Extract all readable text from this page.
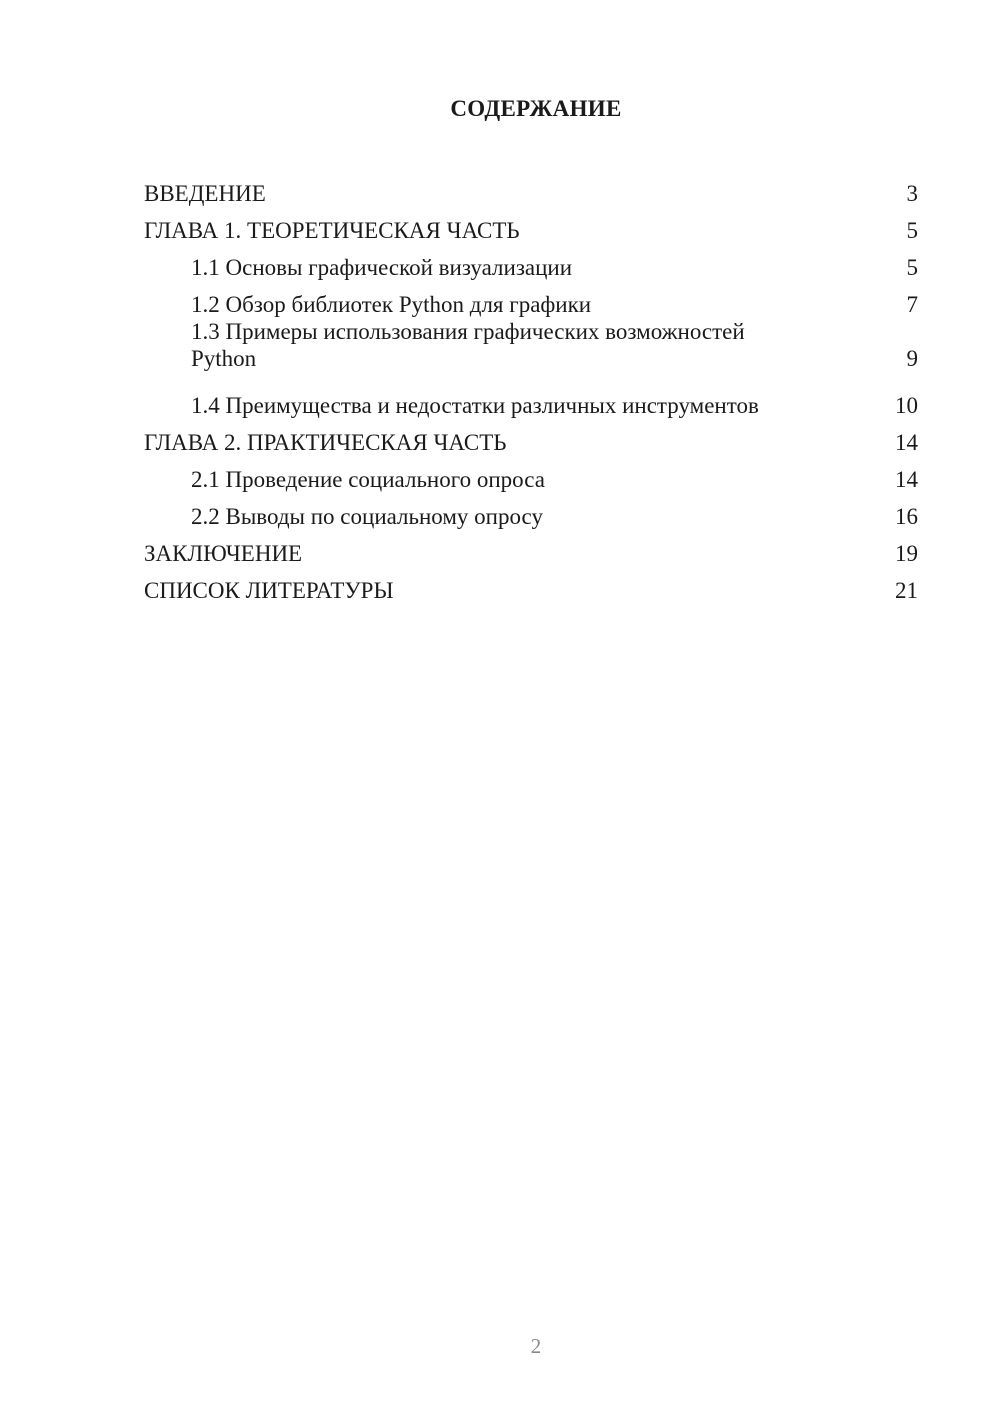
СОДЕРЖАНИЕ
ВВЕДЕНИЕ	3
ГЛАВА 1. ТЕОРЕТИЧЕСКАЯ ЧАСТЬ	5
1.1 Основы графической визуализации	5
1.2 Обзор библиотек Python для графики	7
1.3 Примеры использования графических возможностей Python	9
1.4 Преимущества и недостатки различных инструментов	10
ГЛАВА 2. ПРАКТИЧЕСКАЯ ЧАСТЬ	14
2.1 Проведение социального опроса	14
2.2 Выводы по социальному опросу	16
ЗАКЛЮЧЕНИЕ	19
СПИСОК ЛИТЕРАТУРЫ	21
2
